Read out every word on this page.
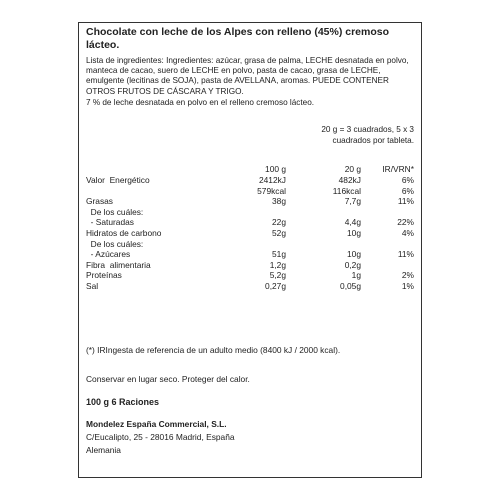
Chocolate con leche de los Alpes con relleno (45%) cremoso lácteo.
Lista de ingredientes: Ingredientes: azúcar, grasa de palma, LECHE desnatada en polvo, manteca de cacao, suero de LECHE en polvo, pasta de cacao, grasa de LECHE, emulgente (lecitinas de SOJA), pasta de AVELLANA, aromas. PUEDE CONTENER OTROS FRUTOS DE CÁSCARA Y TRIGO.
7 % de leche desnatada en polvo en el relleno cremoso lácteo.
20 g = 3 cuadrados, 5 x 3
cuadrados por tableta.
100 g	20 g	IR/VRN*
Valor  Energético	2412kJ	482kJ	6%
579kcal	116kcal	6%
Grasas	38g	7,7g	11%
De los cuáles:
- Saturadas	22g	4,4g	22%
Hidratos de carbono	52g	10g	4%
De los cuáles:
- Azúcares	51g	10g	11%
Fibra  alimentaria	1,2g	0,2g
Proteínas	5,2g	1g	2%
Sal	0,27g	0,05g	1%
(*) IRIngesta de referencia de un adulto medio (8400 kJ / 2000 kcal).
Conservar en lugar seco. Proteger del calor.
100 g 6 Raciones
Mondelez España Commercial, S.L.
C/Eucalipto, 25 - 28016 Madrid, España
Alemania
